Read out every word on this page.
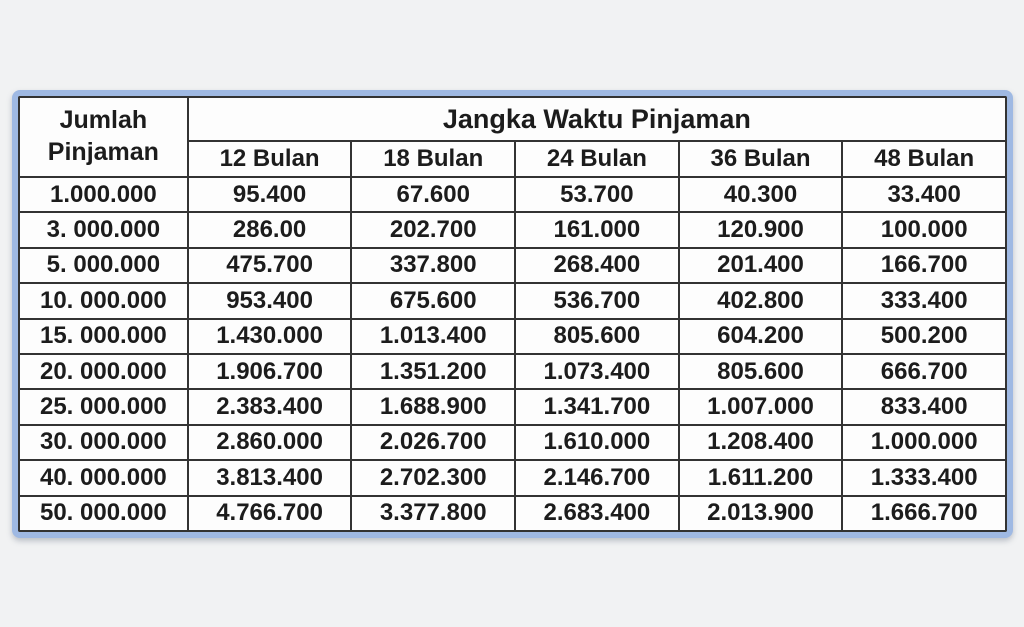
Jumlah
Pinjaman	Jangka Waktu Pinjaman				
	12 Bulan	18 Bulan	24 Bulan	36 Bulan	48 Bulan
1.000.000	95.400	67.600	53.700	40.300	33.400
3. 000.000	286.00	202.700	161.000	120.900	100.000
5. 000.000	475.700	337.800	268.400	201.400	166.700
10. 000.000	953.400	675.600	536.700	402.800	333.400
15. 000.000	1.430.000	1.013.400	805.600	604.200	500.200
20. 000.000	1.906.700	1.351.200	1.073.400	805.600	666.700
25. 000.000	2.383.400	1.688.900	1.341.700	1.007.000	833.400
30. 000.000	2.860.000	2.026.700	1.610.000	1.208.400	1.000.000
40. 000.000	3.813.400	2.702.300	2.146.700	1.611.200	1.333.400
50. 000.000	4.766.700	3.377.800	2.683.400	2.013.900	1.666.700
